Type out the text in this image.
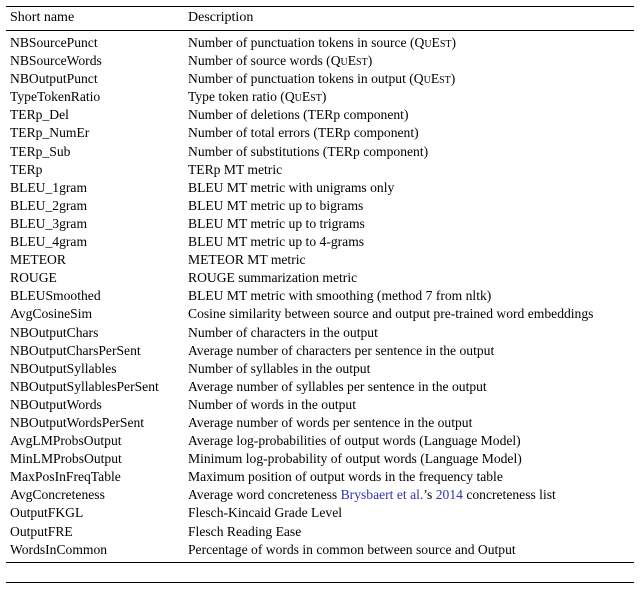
Short name	Description
NBSourcePunct	Number of punctuation tokens in source (QuEst)
NBSourceWords	Number of source words (QuEst)
NBOutputPunct	Number of punctuation tokens in output (QuEst)
TypeTokenRatio	Type token ratio (QuEst)
TERp_Del	Number of deletions (TERp component)
TERp_NumEr	Number of total errors (TERp component)
TERp_Sub	Number of substitutions (TERp component)
TERp	TERp MT metric
BLEU_1gram	BLEU MT metric with unigrams only
BLEU_2gram	BLEU MT metric up to bigrams
BLEU_3gram	BLEU MT metric up to trigrams
BLEU_4gram	BLEU MT metric up to 4-grams
METEOR	METEOR MT metric
ROUGE	ROUGE summarization metric
BLEUSmoothed	BLEU MT metric with smoothing (method 7 from nltk)
AvgCosineSim	Cosine similarity between source and output pre-trained word embeddings
NBOutputChars	Number of characters in the output
NBOutputCharsPerSent	Average number of characters per sentence in the output
NBOutputSyllables	Number of syllables in the output
NBOutputSyllablesPerSent	Average number of syllables per sentence in the output
NBOutputWords	Number of words in the output
NBOutputWordsPerSent	Average number of words per sentence in the output
AvgLMProbsOutput	Average log-probabilities of output words (Language Model)
MinLMProbsOutput	Minimum log-probability of output words (Language Model)
MaxPosInFreqTable	Maximum position of output words in the frequency table
AvgConcreteness	Average word concreteness Brysbaert et al.’s 2014 concreteness list
OutputFKGL	Flesch-Kincaid Grade Level
OutputFRE	Flesch Reading Ease
WordsInCommon	Percentage of words in common between source and Output
